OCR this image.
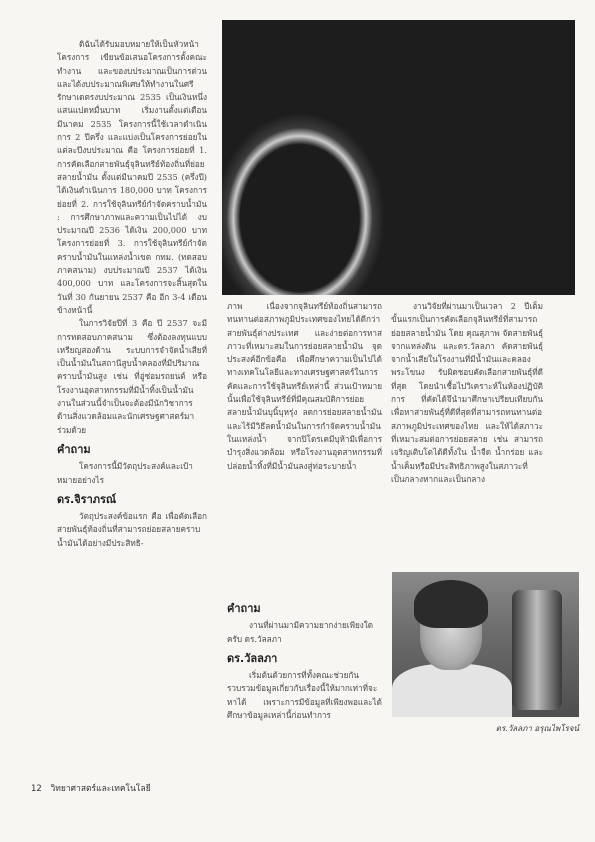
ดิฉันได้รับมอบหมายให้เป็นหัวหน้าโครงการ เขียนข้อเสนอโครงการตั้งคณะทำงาน และของบประมาณเป็นการด่วน และได้งบประมาณพิเศษให้ทำงานในศรีรักษาเดตรงบประมาณ 2535 เป็นเงินหนึ่งแสนแปดหมื่นบาท เริ่มงานตั้งแต่เดือนมีนาคม 2535 โครงการนี้ใช้เวลาดำเนินการ 2 ปีครึ่ง และแบ่งเป็นโครงการย่อยในแต่ละปีงบประมาณ คือ โครงการย่อยที่ 1. การคัดเลือกสายพันธุ์จุลินทรีย์ท้องถิ่นที่ย่อยสลายน้ำมัน ตั้งแต่มีนาคมปี 2535 (ครึ่งปี) ได้เงินดำเนินการ 180,000 บาท โครงการย่อยที่ 2. การใช้จุลินทรีย์กำจัดคราบน้ำมัน : การศึกษาภาพและความเป็นไปได้ งบประมาณปี 2536 ได้เงิน 200,000 บาท โครงการย่อยที่ 3. การใช้จุลินทรีย์กำจัดคราบน้ำมันในแหล่งน้ำเขต กทม. (ทดสอบภาคสนาม) งบประมาณปี 2537 ได้เงิน 400,000 บาท และโครงการจะสิ้นสุดในวันที่ 30 กันยายน 2537 คือ อีก 3-4 เดือนข้างหน้านี้

ในการวิจัยปีที่ 3 คือ ปี 2537 จะมีการทดสอบภาคสนาม ซึ่งต้องลงทุนแบบเหรียญสองด้าน ระบบการจำจัดน้ำเสียที่เป็นน้ำมันในสถานีสูบน้ำคลองที่มีปริมาณคราบน้ำมันสูง เช่น ที่อู่ซ่อมรถยนต์ หรือโรงงานอุตสาหกรรมที่มีน้ำทิ้งเป็นน้ำมัน งานในส่วนนี้จำเป็นจะต้องมีนักวิชาการด้านสิ่งแวดล้อมและนักเศรษฐศาสตร์มาร่วมด้วย

คำถาม

โครงการนี้มีวัตถุประสงค์และเป้าหมายอย่างไร

ดร.จิราภรณ์

วัตถุประสงค์ข้อแรก คือ เพื่อคัดเลือกสายพันธุ์ท้องถิ่นที่สามารถย่อยสลายคราบน้ำมันได้อย่างมีประสิทธิ-

ภาพ เนื่องจากจุลินทรีย์ท้องถิ่นสามารถทนทานต่อสภาพภูมิประเทศของไทยได้ดีกว่าสายพันธุ์ต่างประเทศ และง่ายต่อการหาสภาวะที่เหมาะสมในการย่อยสลายน้ำมัน จุดประสงค์อีกข้อคือ เพื่อศึกษาความเป็นไปได้ทางเทคโนโลยีและทางเศรษฐศาสตร์ในการคัดและการใช้จุลินทรีย์เหล่านี้ ส่วนเป้าหมายนั้นเพื่อใช้จุลินทรีย์ที่มีคุณสมบัติการย่อยสลายน้ำมันบุนิ้บุหรุ่ง ลดการย่อยสลายน้ำมัน และไร้มีวิธีลดน้ำมันในการกำจัดคราบน้ำมันในแหล่งน้ำ จากปิโตรเคมีบุห้ามีเพื่อการบำรุงสิ่งแวดล้อม หรือโรงงานอุตสาหกรรมที่ปล่อยน้ำทิ้งที่มีน้ำมันลงสู่ท่อระบายน้ำ

คำถาม

งานที่ผ่านมามีความยากง่ายเพียงใดครับ ดร.วัลลภา

ดร.วัลลภา

เริ่มต้นด้วยการที่ทั้งคณะช่วยกันรวบรวมข้อมูลเกี่ยวกับเรื่องนี้ให้มากเท่าที่จะหาได้ เพราะการมีข้อมูลที่เพียงพอและได้ศึกษาข้อมูลเหล่านี้ก่อนทำการ

งานวิจัยที่ผ่านมาเป็นเวลา 2 ปีเต็ม ขั้นแรกเป็นการคัดเลือกจุลินทรีย์ที่สามารถย่อยสลายน้ำมัน โดย คุณสุภาพ จัดสายพันธุ์จากแหล่งดิน และดร.วัลลภา คัดสายพันธุ์จากน้ำเสียในโรงงานที่มีน้ำมันและคลองพระโขนง รับผิดชอบคัดเลือกสายพันธุ์ที่ดีที่สุด โดยนำเชื้อไปวิเคราะห์ในห้องปฏิบัติการ ที่คัดได้จึนำมาศึกษาเปรียบเทียบกัน เพื่อหาสายพันธุ์ที่ดีที่สุดที่สามารถทนทานต่อสภาพภูมิประเทศของไทย และให้ได้สภาวะที่เหมาะสมต่อการย่อยสลาย เช่น สามารถเจริญเติบโตได้ดีทั้งใน น้ำจืด น้ำกร่อย และน้ำเค็มหรือมีประสิทธิภาพสูงในสภาวะที่เป็นกลางหากและเป็นกลาง

ดร.วัลลภา อรุณไพโรจน์
12 วิทยาศาสตร์และเทคโนโลยี
